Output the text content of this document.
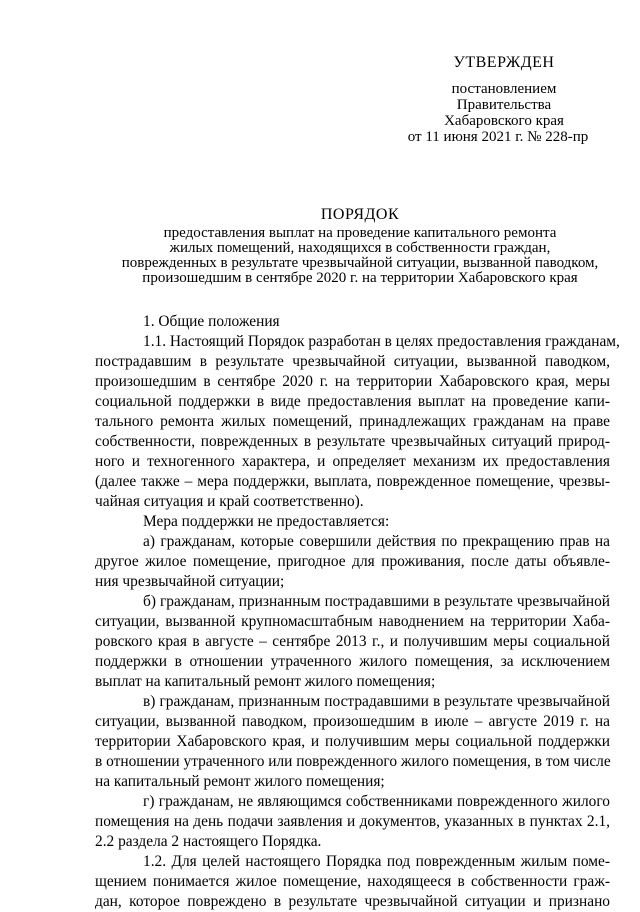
УТВЕРЖДЕН
постановлением
Правительства
Хабаровского края
от 11 июня 2021 г. № 228-пр
ПОРЯДОК
предоставления выплат на проведение капитального ремонта
жилых помещений, находящихся в собственности граждан,
поврежденных в результате чрезвычайной ситуации, вызванной паводком,
произошедшим в сентябре 2020 г. на территории Хабаровского края
1. Общие положения
1.1. Настоящий Порядок разработан в целях предоставления гражданам,
пострадавшим в результате чрезвычайной ситуации, вызванной паводком,
произошедшим в сентябре 2020 г. на территории Хабаровского края, меры
социальной поддержки в виде предоставления выплат на проведение капи-
тального ремонта жилых помещений, принадлежащих гражданам на праве
собственности, поврежденных в результате чрезвычайных ситуаций природ-
ного и техногенного характера, и определяет механизм их предоставления
(далее также – мера поддержки, выплата, поврежденное помещение, чрезвы-
чайная ситуация и край соответственно).
Мера поддержки не предоставляется:
а) гражданам, которые совершили действия по прекращению прав на
другое жилое помещение, пригодное для проживания, после даты объявле-
ния чрезвычайной ситуации;
б) гражданам, признанным пострадавшими в результате чрезвычайной
ситуации, вызванной крупномасштабным наводнением на территории Хаба-
ровского края в августе – сентябре 2013 г., и получившим меры социальной
поддержки в отношении утраченного жилого помещения, за исключением
выплат на капитальный ремонт жилого помещения;
в) гражданам, признанным пострадавшими в результате чрезвычайной
ситуации, вызванной паводком, произошедшим в июле – августе 2019 г. на
территории Хабаровского края, и получившим меры социальной поддержки
в отношении утраченного или поврежденного жилого помещения, в том числе
на капитальный ремонт жилого помещения;
г) гражданам, не являющимся собственниками поврежденного жилого
помещения на день подачи заявления и документов, указанных в пунктах 2.1,
2.2 раздела 2 настоящего Порядка.
1.2. Для целей настоящего Порядка под поврежденным жилым поме-
щением понимается жилое помещение, находящееся в собственности граж-
дан, которое повреждено в результате чрезвычайной ситуации и признано
